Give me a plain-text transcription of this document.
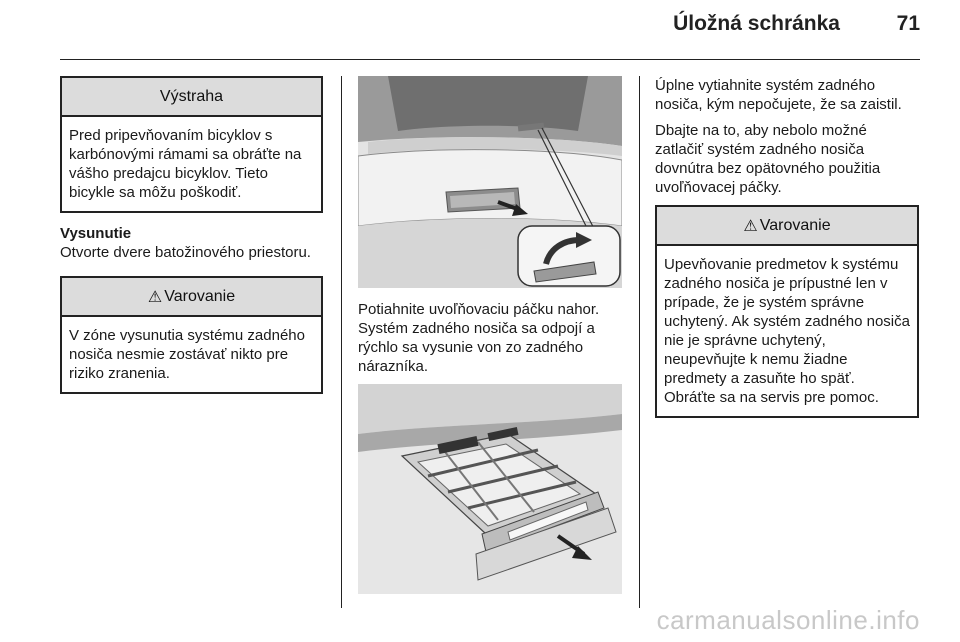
Úložná schránka	71
Výstraha
Pred pripevňovaním bicyklov s karbónovými rámami sa obráťte na vášho predajcu bicyklov. Tieto bicykle sa môžu poškodiť.
Vysunutie

Otvorte dvere batožinového priestoru.

⚠ Varovanie
V zóne vysunutia systému zadného nosiča nesmie zostávať nikto pre riziko zranenia.

Potiahnite uvoľňovaciu páčku nahor. Systém zadného nosiča sa odpojí a rýchlo sa vysunie von zo zadného nárazníka.

Úplne vytiahnite systém zadného nosiča, kým nepočujete, že sa zaistil.

Dbajte na to, aby nebolo možné zatlačiť systém zadného nosiča dovnútra bez opätovného použitia uvoľňovacej páčky.

⚠ Varovanie
Upevňovanie predmetov k systému zadného nosiča je prípustné len v prípade, že je systém správne uchytený. Ak systém zadného nosiča nie je správne uchytený, neupevňujte k nemu žiadne predmety a zasuňte ho späť. Obráťte sa na servis pre pomoc.
carmanualsonline.info
